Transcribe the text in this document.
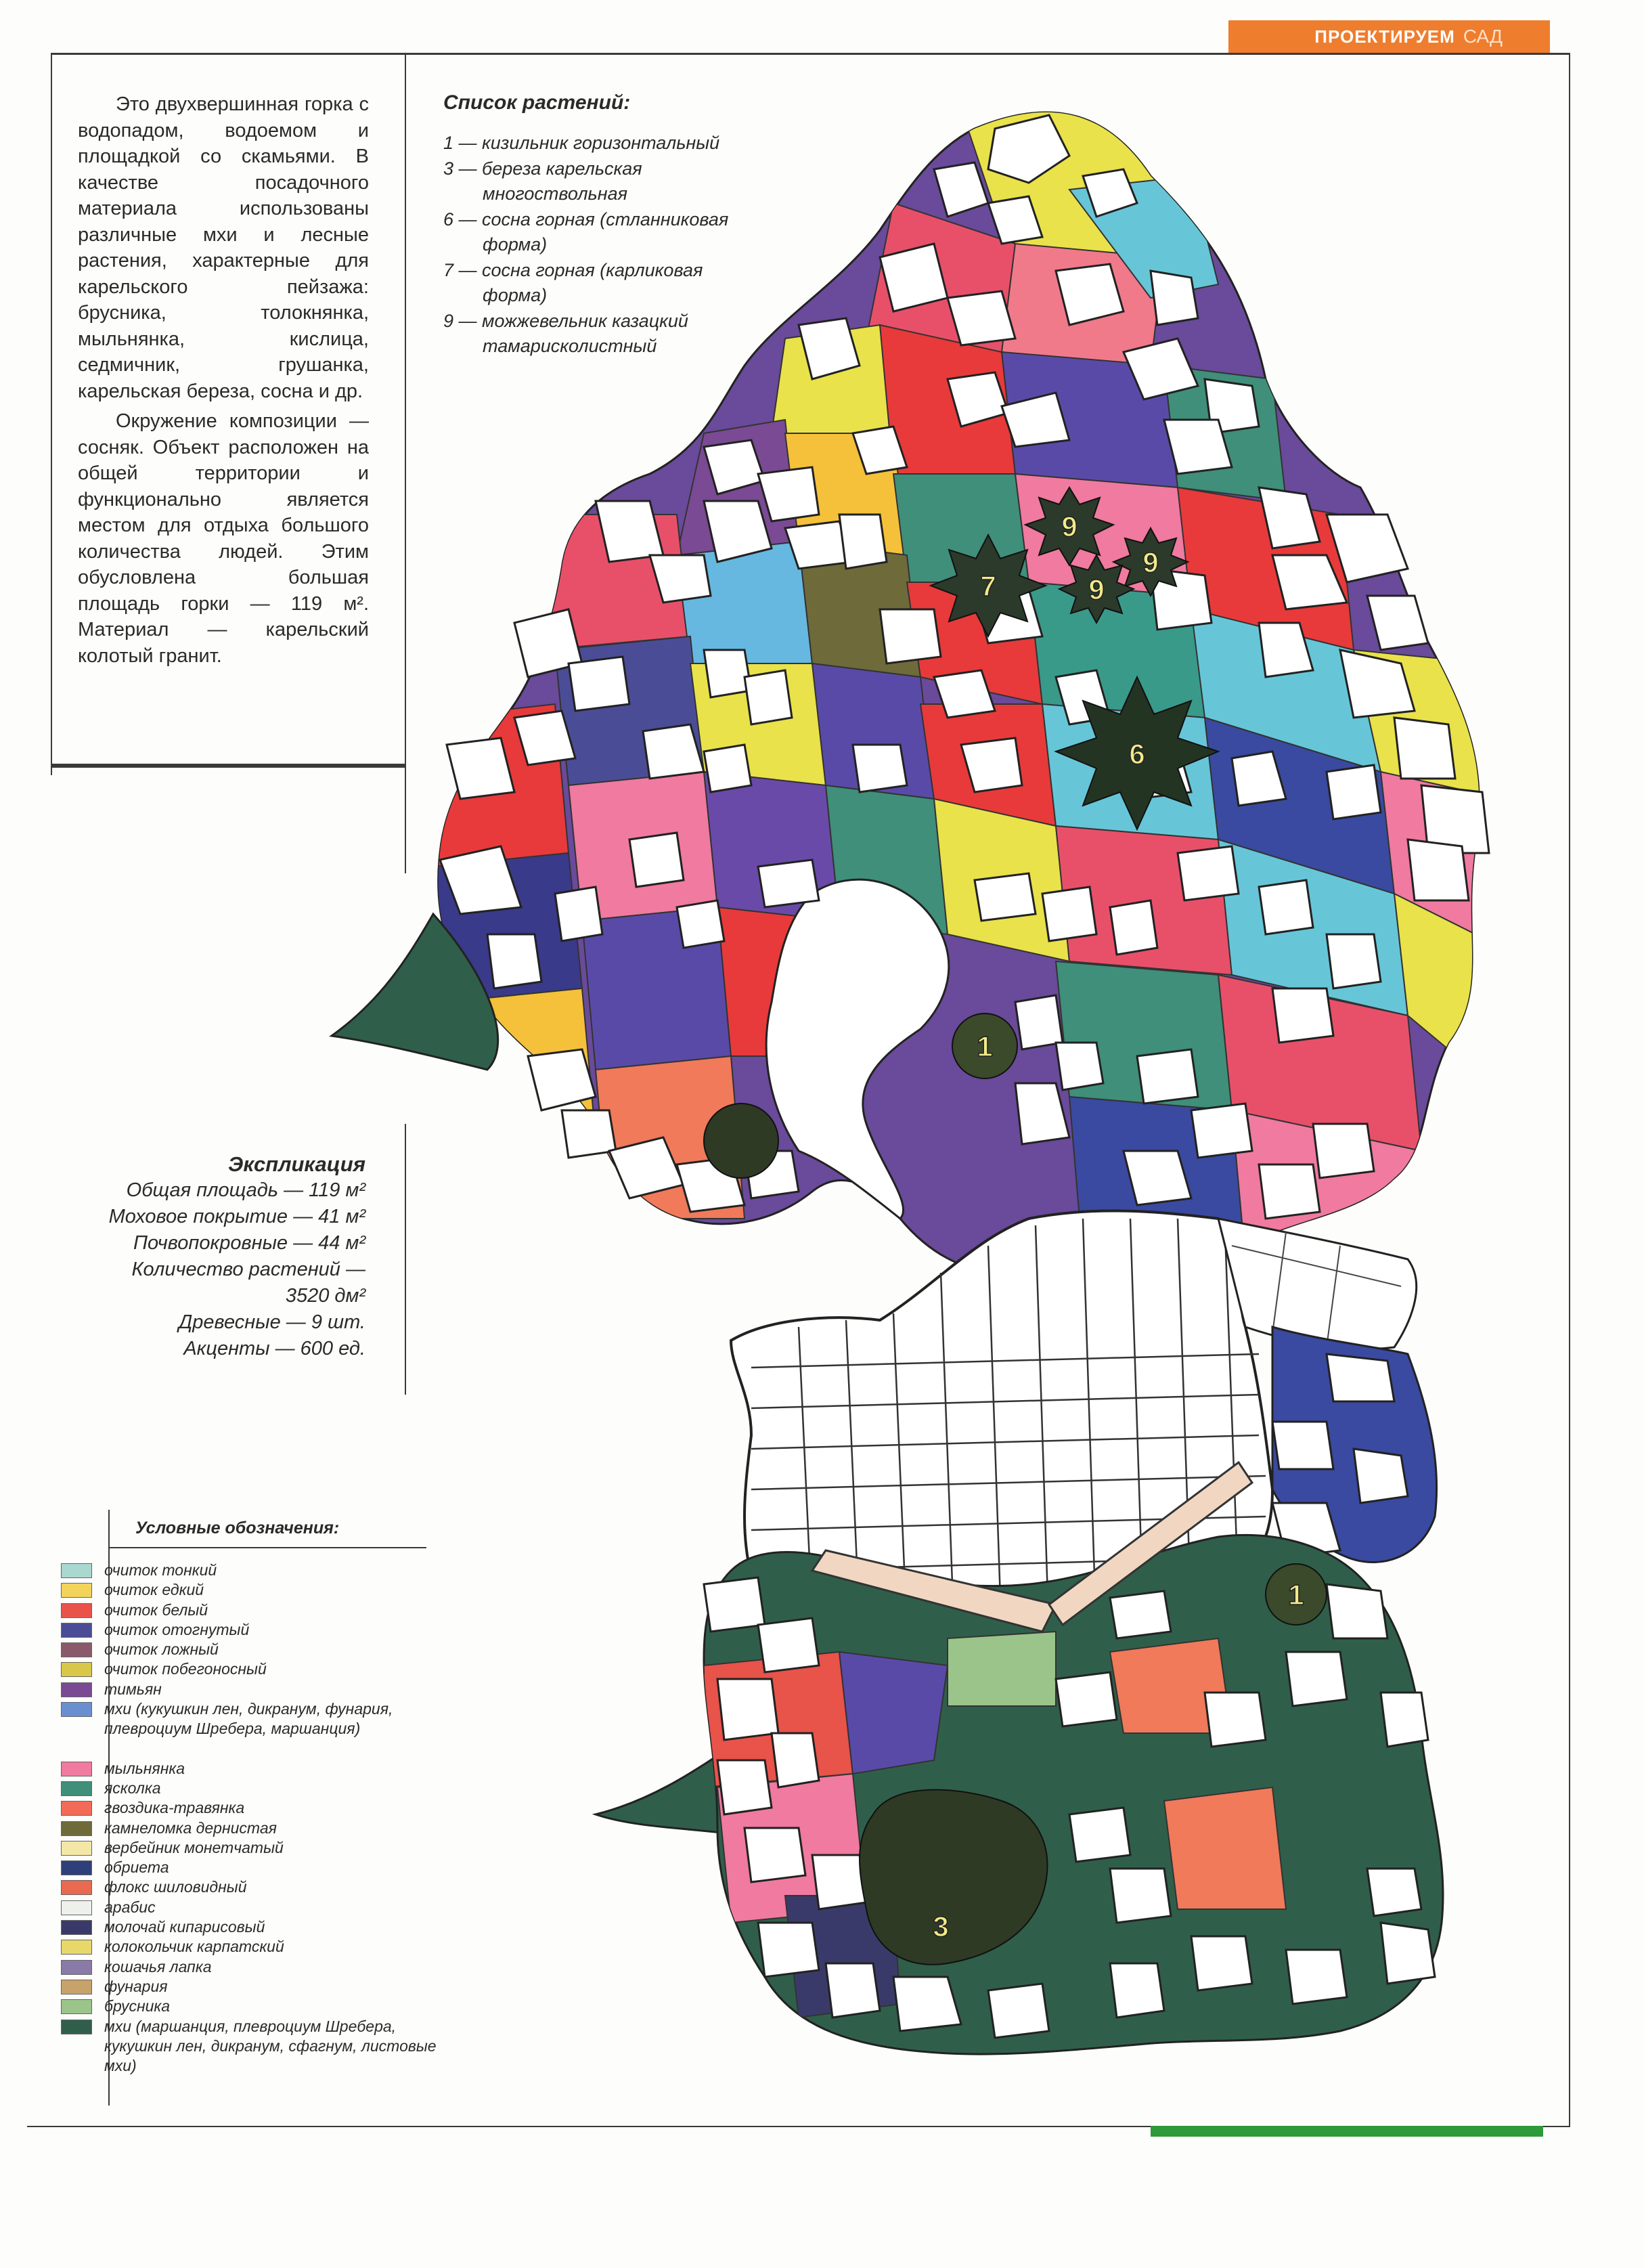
ПРОЕКТИРУЕМ САД

Это двухвершинная горка с водопадом, водоемом и площадкой со скамьями. В качестве посадочного материала использованы различные мхи и лесные растения, характерные для карельского пейзажа: брусника, толокнянка, мыльнянка, кислица, седмичник, грушанка, карельская береза, сосна и др.

Окружение композиции — сосняк. Объект расположен на общей территории и функционально является местом для отдыха большого количества людей. Этим обусловлена большая площадь горки — 119 м². Материал — карельский колотый гранит.

Список растений:
1 — кизильник горизонтальный
3 — береза карельская многоствольная
6 — сосна горная (стланниковая форма)
7 — сосна горная (карликовая форма)
9 — можжевельник казацкий тамарисколистный
Экспликация
Общая площадь — 119 м²
Моховое покрытие — 41 м²
Почвопокровные — 44 м²
Количество растений —
3520 дм²
Древесные — 9 шт.
Акценты — 600 ед.
Условные обозначения:
очиток тонкий
очиток едкий
очиток белый
очиток отогнутый
очиток ложный
очиток побегоносный
тимьян
мхи (кукушкин лен, дикранум, фунария, плевроциум Шребера, маршанция)
мыльнянка
ясколка
гвоздика-травянка
камнеломка дернистая
вербейник монетчатый
обриета
флокс шиловидный
арабис
молочай кипарисовый
колокольчик карпатский
кошачья лапка
фунария
брусника
мхи (маршанция, плевроциум Шребера, кукушкин лен, дикранум, сфагнум, листовые мхи)
9
9
9
7
6
1
1
3
